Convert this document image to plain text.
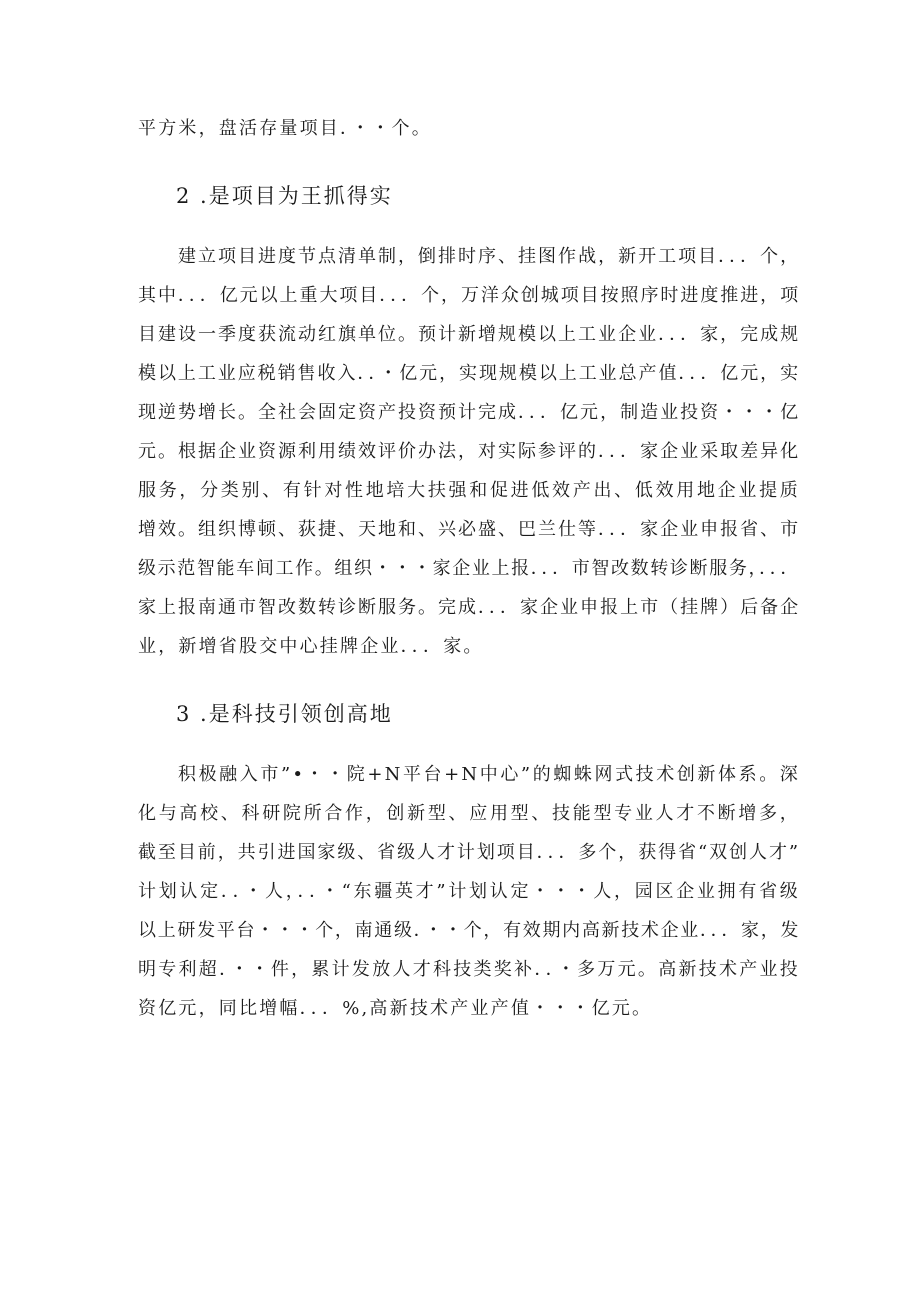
平方米，盘活存量项目．・・个。
2 .是项目为王抓得实
建立项目进度节点清单制，倒排时序、挂图作战，新开工项目．．．个，
其中．．．亿元以上重大项目．．．个，万洋众创城项目按照序时进度推进，项
目建设一季度获流动红旗单位。预计新增规模以上工业企业．．．家，完成规
模以上工业应税销售收入．．・亿元，实现规模以上工业总产值．．．亿元，实
现逆势增长。全社会固定资产投资预计完成．．．亿元，制造业投资・・・亿
元。根据企业资源利用绩效评价办法，对实际参评的．．．家企业采取差异化
服务，分类别、有针对性地培大扶强和促进低效产出、低效用地企业提质
增效。组织博顿、荻捷、天地和、兴必盛、巴兰仕等．．．家企业申报省、市
级示范智能车间工作。组织・・・家企业上报．．．市智改数转诊断服务，．．．
家上报南通市智改数转诊断服务。完成．．．家企业申报上市（挂牌）后备企
业，新增省股交中心挂牌企业．．．家。
3 .是科技引领创高地
积极融入市”•・・院+N平台+N中心”的蜘蛛网式技术创新体系。深
化与高校、科研院所合作，创新型、应用型、技能型专业人才不断增多，
截至目前，共引进国家级、省级人才计划项目．．．多个，获得省“双创人才”
计划认定．．・人，．．・“东疆英才”计划认定・・・人，园区企业拥有省级
以上研发平台・・・个，南通级．・・个，有效期内高新技术企业．．．家，发
明专利超．・・件，累计发放人才科技类奖补．．・多万元。高新技术产业投
资亿元，同比增幅．．．%,高新技术产业产值・・・亿元。
